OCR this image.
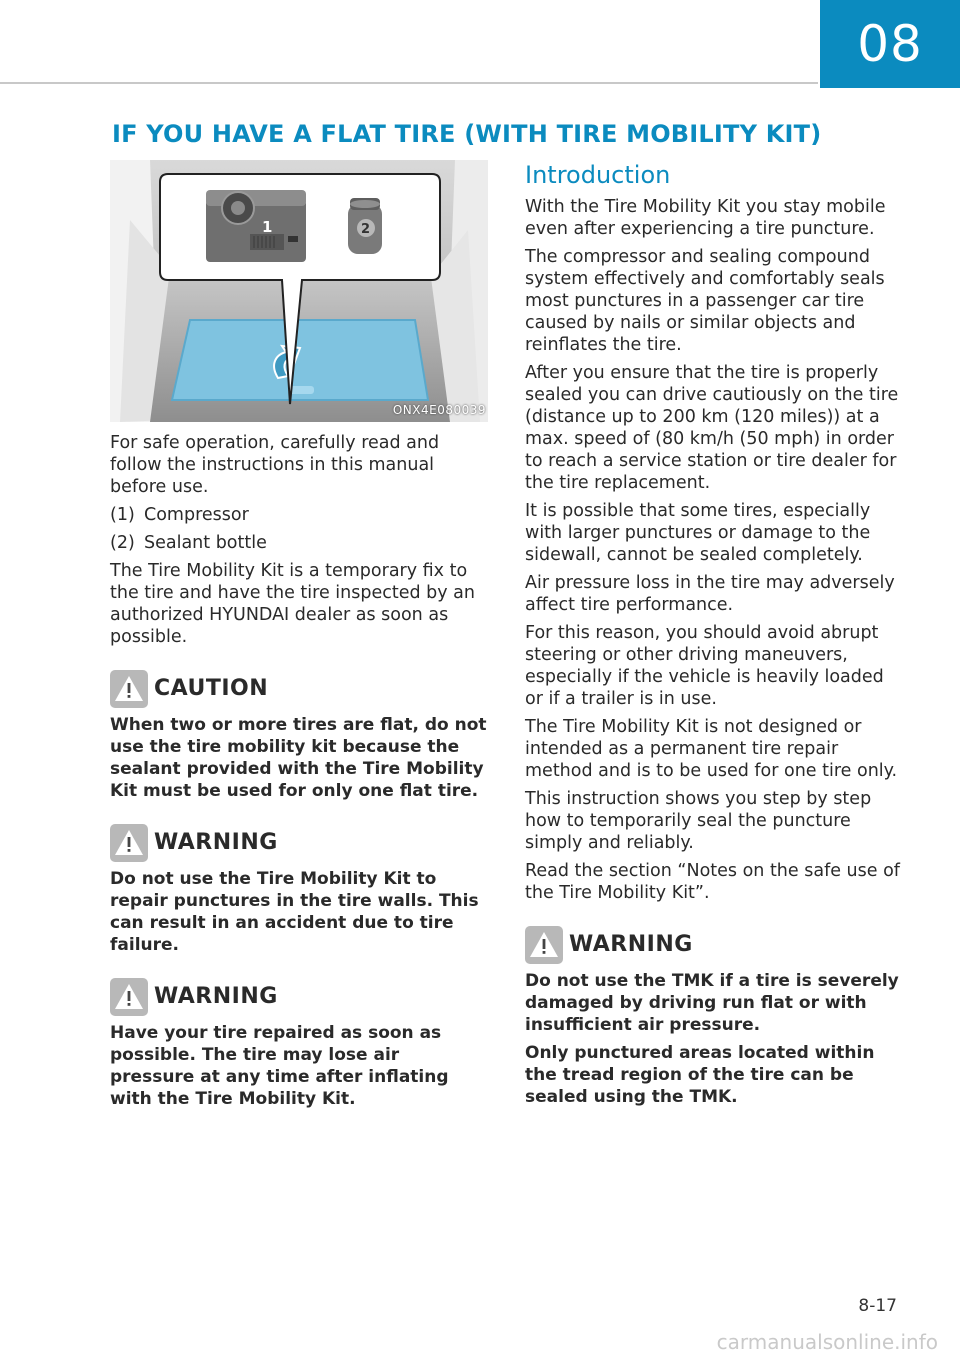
08
IF YOU HAVE A FLAT TIRE (WITH TIRE MOBILITY KIT)
1	2
ONX4E080039

For safe operation, carefully read and follow the instructions in this manual before use.

(1) Compressor
(2) Sealant bottle

The Tire Mobility Kit is a temporary fix to the tire and have the tire inspected by an authorized HYUNDAI dealer as soon as possible.

CAUTION

When two or more tires are flat, do not use the tire mobility kit because the sealant provided with the Tire Mobility Kit must be used for only one flat tire.

WARNING

Do not use the Tire Mobility Kit to repair punctures in the tire walls. This can result in an accident due to tire failure.

WARNING

Have your tire repaired as soon as possible. The tire may lose air pressure at any time after inflating with the Tire Mobility Kit.

Introduction

With the Tire Mobility Kit you stay mobile even after experiencing a tire puncture.

The compressor and sealing compound system effectively and comfortably seals most punctures in a passenger car tire caused by nails or similar objects and reinflates the tire.

After you ensure that the tire is properly sealed you can drive cautiously on the tire (distance up to 200 km (120 miles)) at a max. speed of (80 km/h (50 mph) in order to reach a service station or tire dealer for the tire replacement.

It is possible that some tires, especially with larger punctures or damage to the sidewall, cannot be sealed completely.

Air pressure loss in the tire may adversely affect tire performance.

For this reason, you should avoid abrupt steering or other driving maneuvers, especially if the vehicle is heavily loaded or if a trailer is in use.

The Tire Mobility Kit is not designed or intended as a permanent tire repair method and is to be used for one tire only.

This instruction shows you step by step how to temporarily seal the puncture simply and reliably.

Read the section “Notes on the safe use of the Tire Mobility Kit”.

WARNING

Do not use the TMK if a tire is severely damaged by driving run flat or with insufficient air pressure.

Only punctured areas located within the tread region of the tire can be sealed using the TMK.

8-17
carmanualsonline.info
